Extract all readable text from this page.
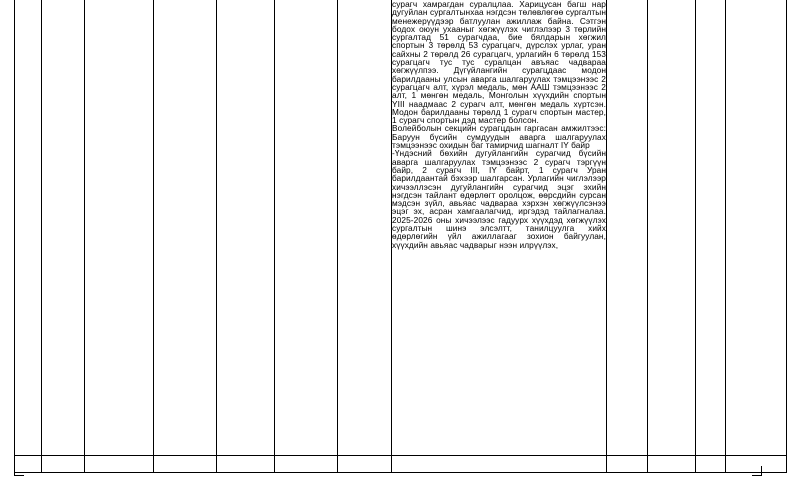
							сурагч хамрагдан суралцлаа. Харицусан багш нар дугуйлан сургалтынхаа нэгдсэн төлөвлөгөө сургалтын менежерүүдээр батлуулан ажиллаж байна. Сэтгэн бодох оюун ухааныг хөгжүүлэх чиглэлээр 3 төрлийн сургалтад 51 сурагчдаа, бие бялдарын хөгжил спортын 3 төрөлд 53 сурагцагч, дүрслэх урлаг, уран сайхны 2 төрөлд 26 сурагцагч, урлагийн 6 төрөлд 153 сурагцагч тус тус суралцан авъяас чадвараа хөгжүүлпээ. Дүгүйлангийн сурагцдаас модон барилдааны улсын аварга шалгаруулах тэмцээнээс 2 сурагцагч алт, хүрэл медаль, мөн ААШ тэмцээнээс 2 алт, 1 мөнгөн медаль, Монголын хүүхдийн спортын YIII наадмаас 2 сурагч алт, мөнгөн медаль хүртсэн. Модон барилдааны төрөлд 1 сурагч спортын мастер, 1 сурагч спортын дэд мастер болсон.

Волейболын секцийн сурагцдын гаргасан амжилтээс: Баруун бүсийн сумдуудын аварга шалгаруулах тэмцээнээс охидын баг тамирчид шагналт IY байр

-Үндэсний бөхийн дугуйлангийн сурагчид бүсийн аварга шалгаруулах тэмцээнээс 2 сурагч тэргүүн байр, 2 сурагч III, IY байрт, 1 сурагч Уран барилдаантай бэхээр шалгарсан. Урлагийн чиглэлээр хичээллэсэн дугуйлангийн сурагчид эцэг эхийн нэгдсэн тайлант өдөрлөгт оролцож, өөрсдийн сурсан мэдсэн зүйл, авьяас чадвараа хэрхэн хөгжүүлсэнээ эцэг эх, асран хамгаалагчид, иргэдэд тайлагналаа. 2025-2026 оны хичээлээс гадуурх хүүхдэд хөгжүүлэх сургалтын шинэ элсэлтт, танилцуулга хийх өдөрлөгийн үйл ажиллагааг зохион байгуулан, хүүхдийн авьяас чадварыг нээн илрүүлэх,				
